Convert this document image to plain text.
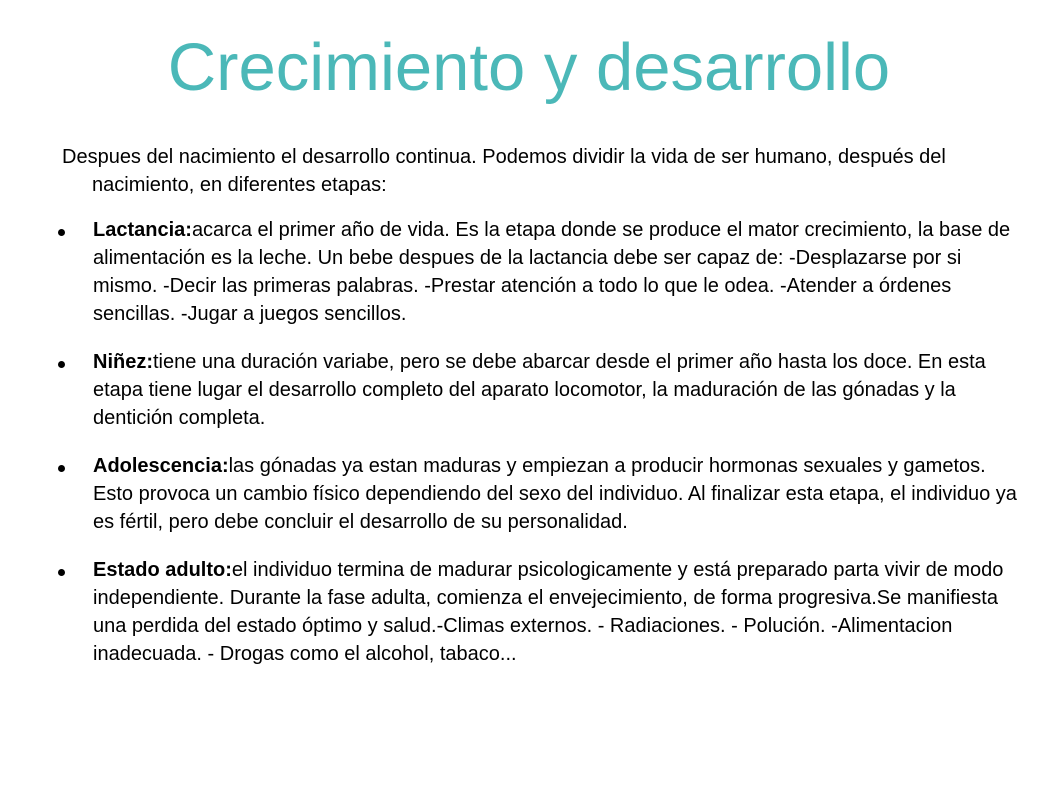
Crecimiento y desarrollo
Despues del nacimiento el desarrollo continua. Podemos dividir la vida de ser humano, después del nacimiento, en diferentes etapas:
Lactancia:acarca el primer año de vida. Es la etapa donde se produce el mator crecimiento, la base de alimentación es la leche. Un bebe despues de la lactancia debe ser capaz de: -Desplazarse por si mismo. -Decir las primeras palabras. -Prestar atención a todo lo que le odea. -Atender a órdenes sencillas. -Jugar a juegos sencillos.
Niñez:tiene una duración variabe, pero se debe abarcar desde el primer año hasta los doce. En esta etapa tiene lugar el desarrollo completo del aparato locomotor, la maduración de las gónadas y la dentición completa.
Adolescencia:las gónadas ya estan maduras y empiezan a producir hormonas sexuales y gametos. Esto provoca un cambio físico dependiendo del sexo del individuo. Al finalizar esta etapa, el individuo ya es fértil, pero debe concluir el desarrollo de su personalidad.
Estado adulto:el individuo termina de madurar psicologicamente y está preparado parta vivir de modo independiente. Durante la fase adulta, comienza el envejecimiento, de forma progresiva.Se manifiesta una perdida del estado óptimo y salud.-Climas externos. - Radiaciones. - Polución. -Alimentacion inadecuada. - Drogas como el alcohol, tabaco...
